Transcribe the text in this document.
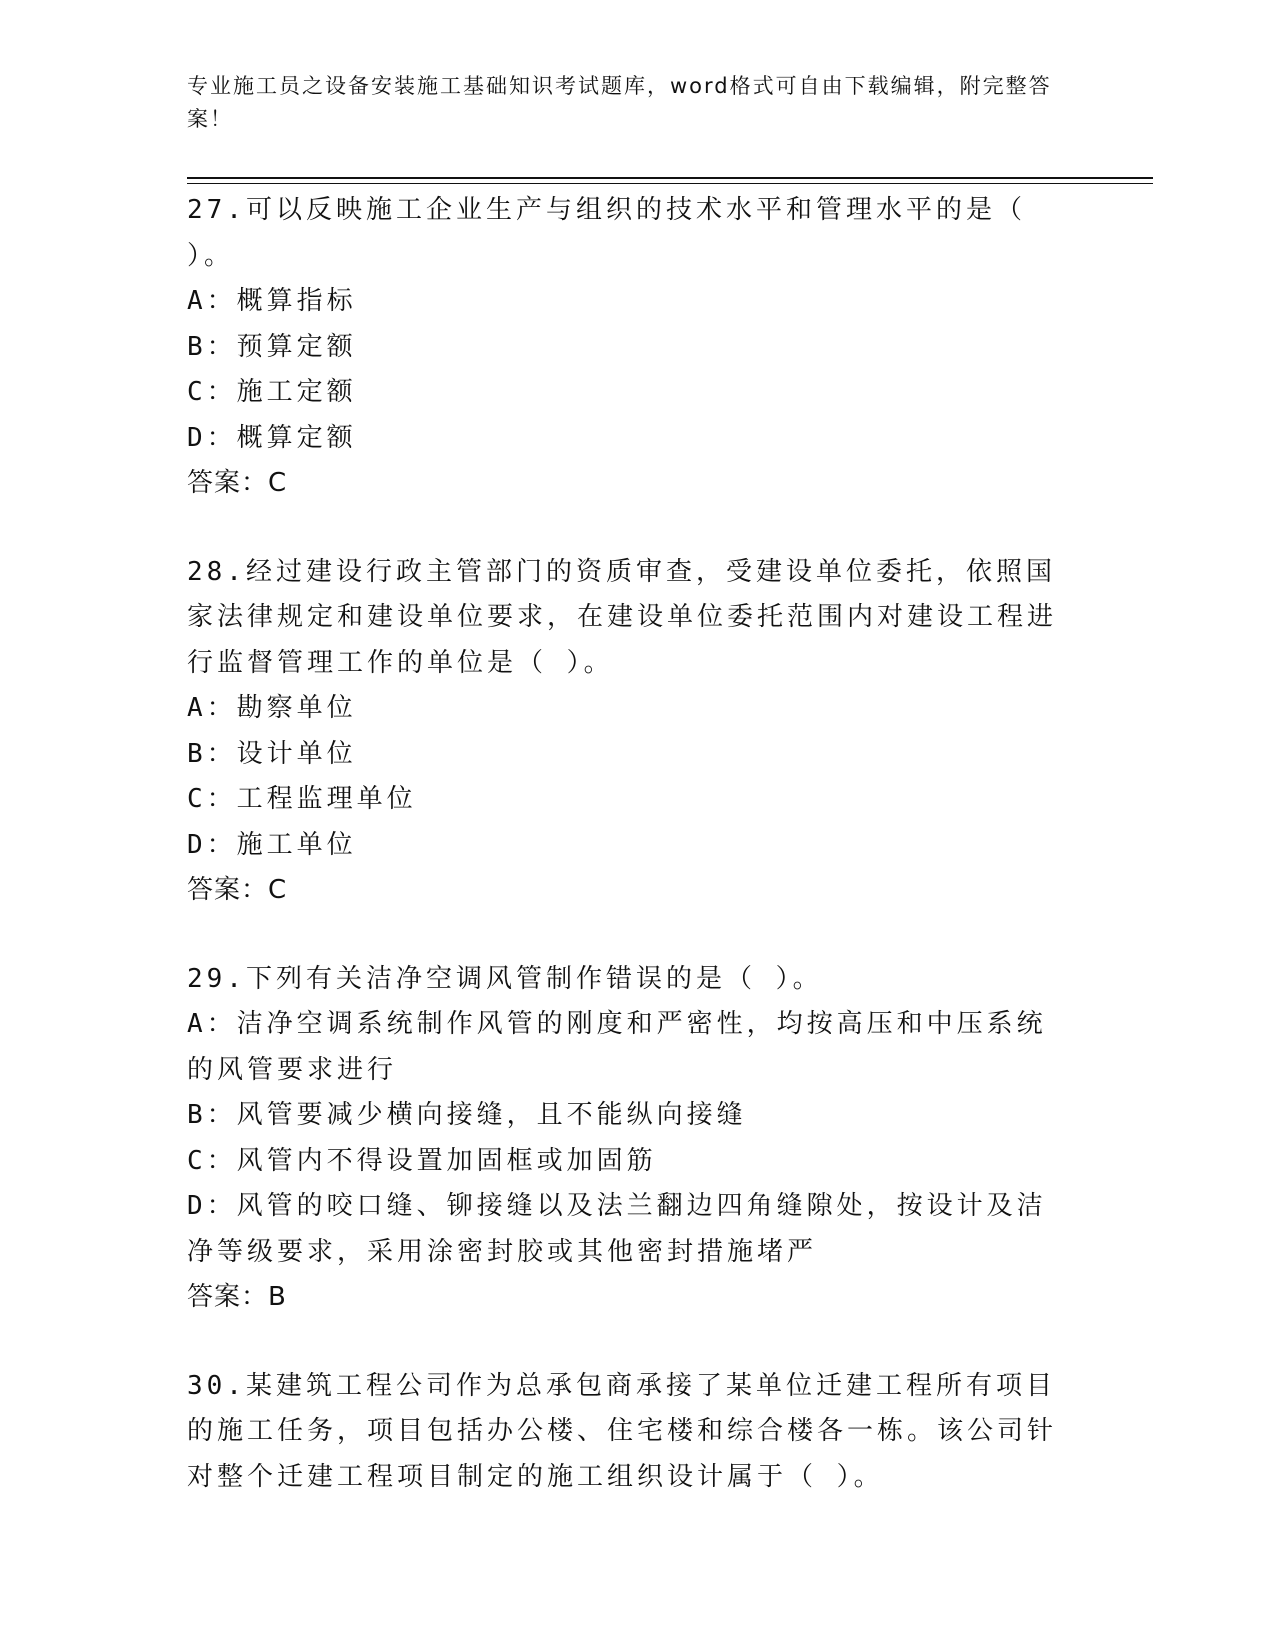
专业施工员之设备安装施工基础知识考试题库，word格式可自由下载编辑，附完整答案！
27.可以反映施工企业生产与组织的技术水平和管理水平的是（ ）。
A：概算指标
B：预算定额
C：施工定额
D：概算定额
答案：C
28.经过建设行政主管部门的资质审查，受建设单位委托，依照国家法律规定和建设单位要求，在建设单位委托范围内对建设工程进行监督管理工作的单位是（ ）。
A：勘察单位
B：设计单位
C：工程监理单位
D：施工单位
答案：C
29.下列有关洁净空调风管制作错误的是（ ）。
A：洁净空调系统制作风管的刚度和严密性，均按高压和中压系统的风管要求进行
B：风管要减少横向接缝，且不能纵向接缝
C：风管内不得设置加固框或加固筋
D：风管的咬口缝、铆接缝以及法兰翻边四角缝隙处，按设计及洁净等级要求，采用涂密封胶或其他密封措施堵严
答案：B
30.某建筑工程公司作为总承包商承接了某单位迁建工程所有项目的施工任务，项目包括办公楼、住宅楼和综合楼各一栋。该公司针对整个迁建工程项目制定的施工组织设计属于（ ）。
